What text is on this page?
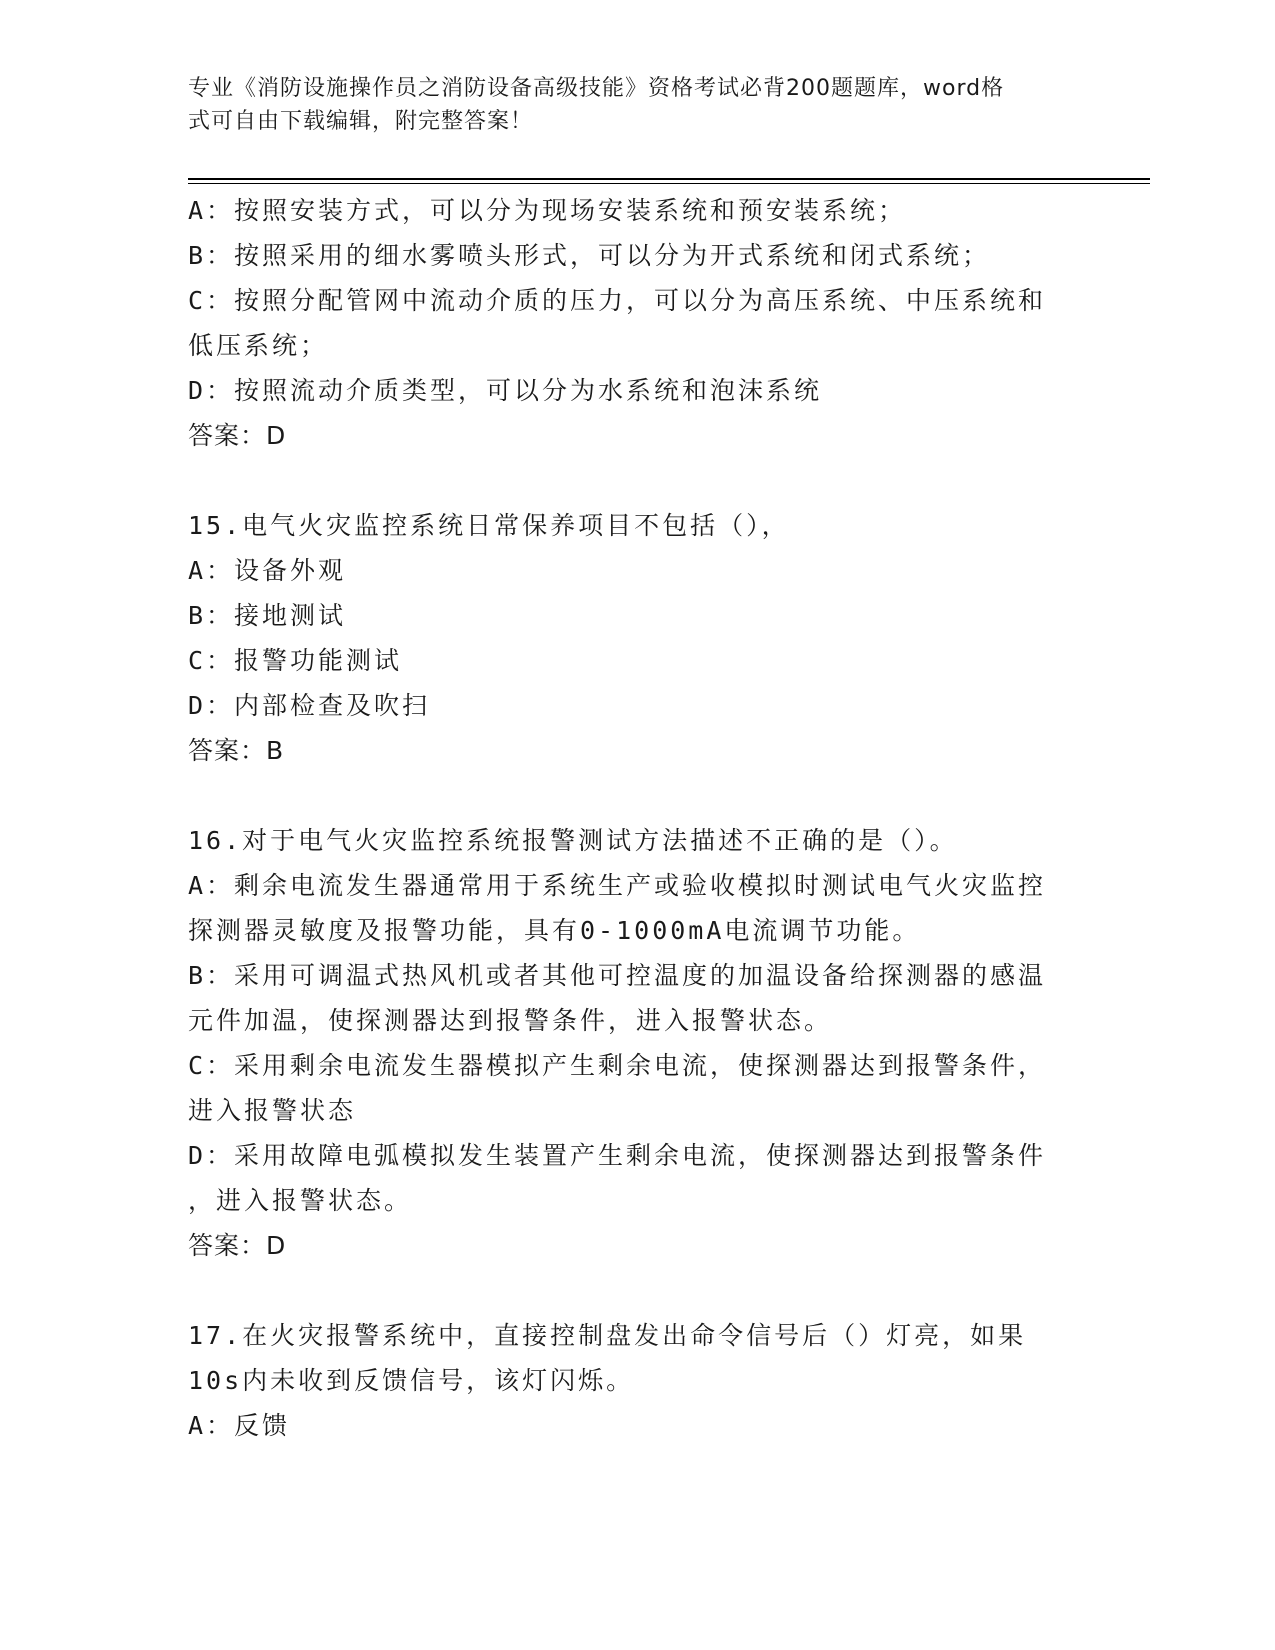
专业《消防设施操作员之消防设备高级技能》资格考试必背200题题库，word格
式可自由下载编辑，附完整答案！
A：按照安装方式，可以分为现场安装系统和预安装系统；
B：按照采用的细水雾喷头形式，可以分为开式系统和闭式系统；
C：按照分配管网中流动介质的压力，可以分为高压系统、中压系统和
低压系统；
D：按照流动介质类型，可以分为水系统和泡沫系统
答案：D
15.电气火灾监控系统日常保养项目不包括（），
A：设备外观
B：接地测试
C：报警功能测试
D：内部检查及吹扫
答案：B
16.对于电气火灾监控系统报警测试方法描述不正确的是（）。
A：剩余电流发生器通常用于系统生产或验收模拟时测试电气火灾监控
探测器灵敏度及报警功能，具有0-1000mA电流调节功能。
B：采用可调温式热风机或者其他可控温度的加温设备给探测器的感温
元件加温，使探测器达到报警条件，进入报警状态。
C：采用剩余电流发生器模拟产生剩余电流，使探测器达到报警条件，
进入报警状态
D：采用故障电弧模拟发生装置产生剩余电流，使探测器达到报警条件
，进入报警状态。
答案：D
17.在火灾报警系统中，直接控制盘发出命令信号后（）灯亮，如果
10s内未收到反馈信号，该灯闪烁。
A：反馈
